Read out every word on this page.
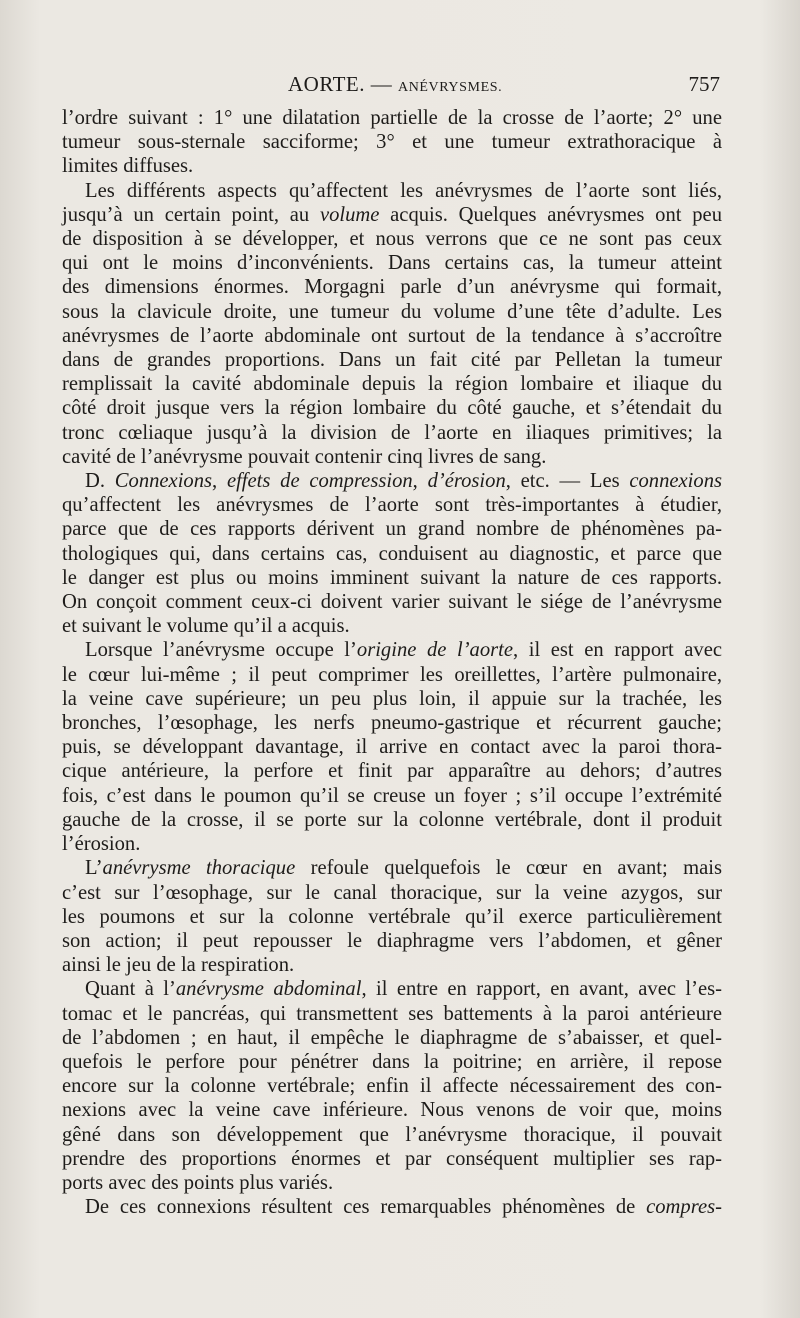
AORTE. — ANÉVRYSMES.	757
l’ordre suivant : 1° une dilatation partielle de la crosse de l’aorte; 2° une
tumeur sous-sternale sacciforme; 3° et une tumeur extrathoracique à
limites diffuses.
Les différents aspects qu’affectent les anévrysmes de l’aorte sont liés,
jusqu’à un certain point, au volume acquis. Quelques anévrysmes ont peu
de disposition à se développer, et nous verrons que ce ne sont pas ceux
qui ont le moins d’inconvénients. Dans certains cas, la tumeur atteint
des dimensions énormes. Morgagni parle d’un anévrysme qui formait,
sous la clavicule droite, une tumeur du volume d’une tête d’adulte. Les
anévrysmes de l’aorte abdominale ont surtout de la tendance à s’accroître
dans de grandes proportions. Dans un fait cité par Pelletan la tumeur
remplissait la cavité abdominale depuis la région lombaire et iliaque du
côté droit jusque vers la région lombaire du côté gauche, et s’étendait du
tronc cœliaque jusqu’à la division de l’aorte en iliaques primitives; la
cavité de l’anévrysme pouvait contenir cinq livres de sang.
D. Connexions, effets de compression, d’érosion, etc. — Les connexions
qu’affectent les anévrysmes de l’aorte sont très-importantes à étudier,
parce que de ces rapports dérivent un grand nombre de phénomènes pa-
thologiques qui, dans certains cas, conduisent au diagnostic, et parce que
le danger est plus ou moins imminent suivant la nature de ces rapports.
On conçoit comment ceux-ci doivent varier suivant le siége de l’anévrysme
et suivant le volume qu’il a acquis.
Lorsque l’anévrysme occupe l’origine de l’aorte, il est en rapport avec
le cœur lui-même ; il peut comprimer les oreillettes, l’artère pulmonaire,
la veine cave supérieure; un peu plus loin, il appuie sur la trachée, les
bronches, l’œsophage, les nerfs pneumo-gastrique et récurrent gauche;
puis, se développant davantage, il arrive en contact avec la paroi thora-
cique antérieure, la perfore et finit par apparaître au dehors; d’autres
fois, c’est dans le poumon qu’il se creuse un foyer ; s’il occupe l’extrémité
gauche de la crosse, il se porte sur la colonne vertébrale, dont il produit
l’érosion.
L’anévrysme thoracique refoule quelquefois le cœur en avant; mais
c’est sur l’œsophage, sur le canal thoracique, sur la veine azygos, sur
les poumons et sur la colonne vertébrale qu’il exerce particulièrement
son action; il peut repousser le diaphragme vers l’abdomen, et gêner
ainsi le jeu de la respiration.
Quant à l’anévrysme abdominal, il entre en rapport, en avant, avec l’es-
tomac et le pancréas, qui transmettent ses battements à la paroi antérieure
de l’abdomen ; en haut, il empêche le diaphragme de s’abaisser, et quel-
quefois le perfore pour pénétrer dans la poitrine; en arrière, il repose
encore sur la colonne vertébrale; enfin il affecte nécessairement des con-
nexions avec la veine cave inférieure. Nous venons de voir que, moins
gêné dans son développement que l’anévrysme thoracique, il pouvait
prendre des proportions énormes et par conséquent multiplier ses rap-
ports avec des points plus variés.
De ces connexions résultent ces remarquables phénomènes de compres-
